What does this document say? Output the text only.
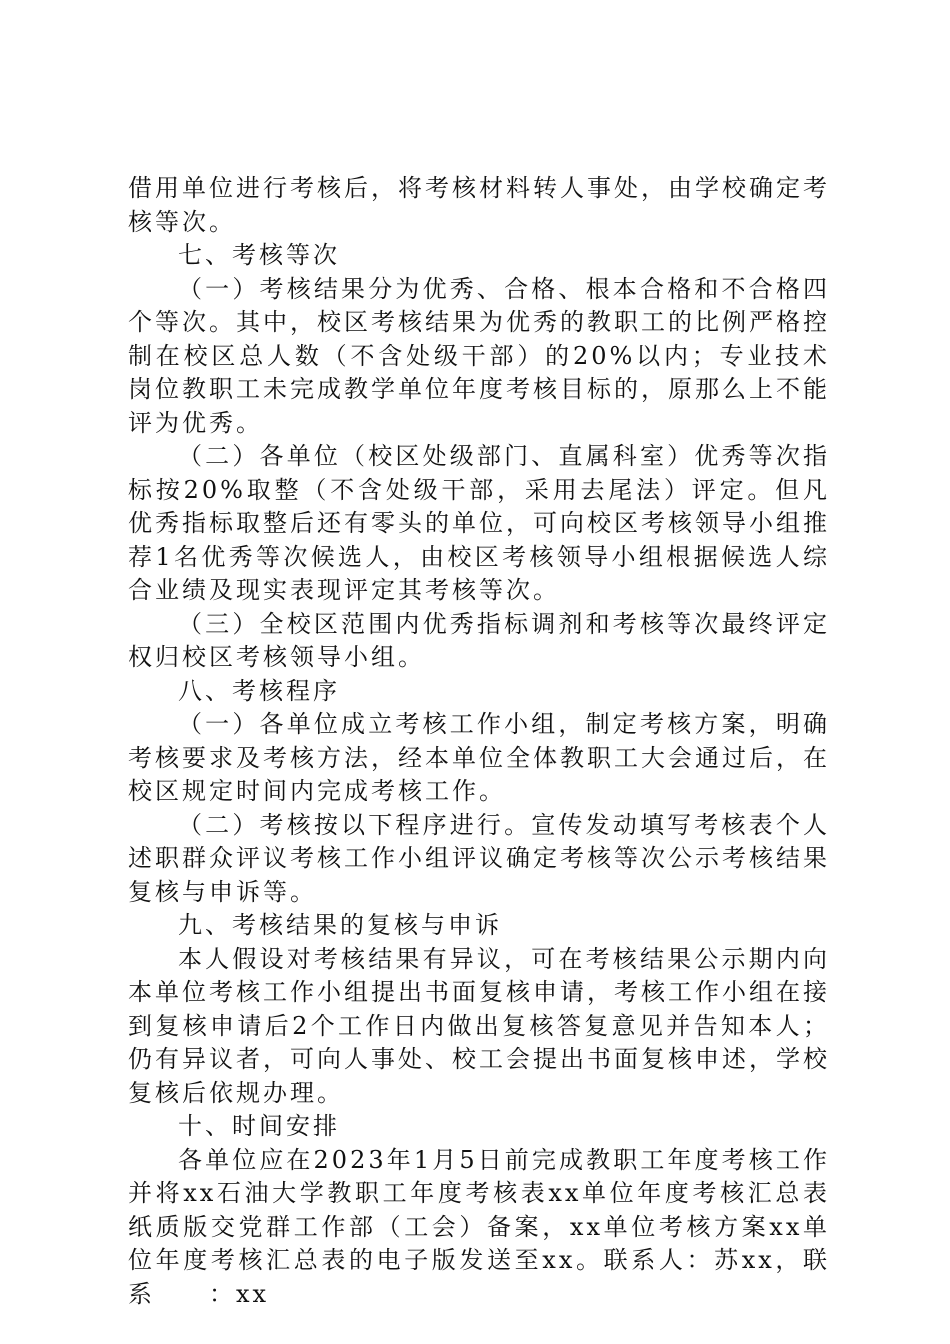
借用单位进行考核后，将考核材料转人事处，由学校确定考核等次。

七、考核等次

（一）考核结果分为优秀、合格、根本合格和不合格四个等次。其中，校区考核结果为优秀的教职工的比例严格控制在校区总人数（不含处级干部）的20%以内；专业技术岗位教职工未完成教学单位年度考核目标的，原那么上不能评为优秀。

（二）各单位（校区处级部门、直属科室）优秀等次指标按20%取整（不含处级干部，采用去尾法）评定。但凡优秀指标取整后还有零头的单位，可向校区考核领导小组推荐1名优秀等次候选人，由校区考核领导小组根据候选人综合业绩及现实表现评定其考核等次。

（三）全校区范围内优秀指标调剂和考核等次最终评定权归校区考核领导小组。

八、考核程序

（一）各单位成立考核工作小组，制定考核方案，明确考核要求及考核方法，经本单位全体教职工大会通过后，在校区规定时间内完成考核工作。

（二）考核按以下程序进行。宣传发动填写考核表个人述职群众评议考核工作小组评议确定考核等次公示考核结果复核与申诉等。

九、考核结果的复核与申诉

本人假设对考核结果有异议，可在考核结果公示期内向本单位考核工作小组提出书面复核申请，考核工作小组在接到复核申请后2个工作日内做出复核答复意见并告知本人；仍有异议者，可向人事处、校工会提出书面复核申述，学校复核后依规办理。

十、时间安排

各单位应在2023年1月5日前完成教职工年度考核工作并将xx石油大学教职工年度考核表xx单位年度考核汇总表纸质版交党群工作部（工会）备案，xx单位考核方案xx单位年度考核汇总表的电子版发送至xx。联系人：苏xx，联系　　：xx
